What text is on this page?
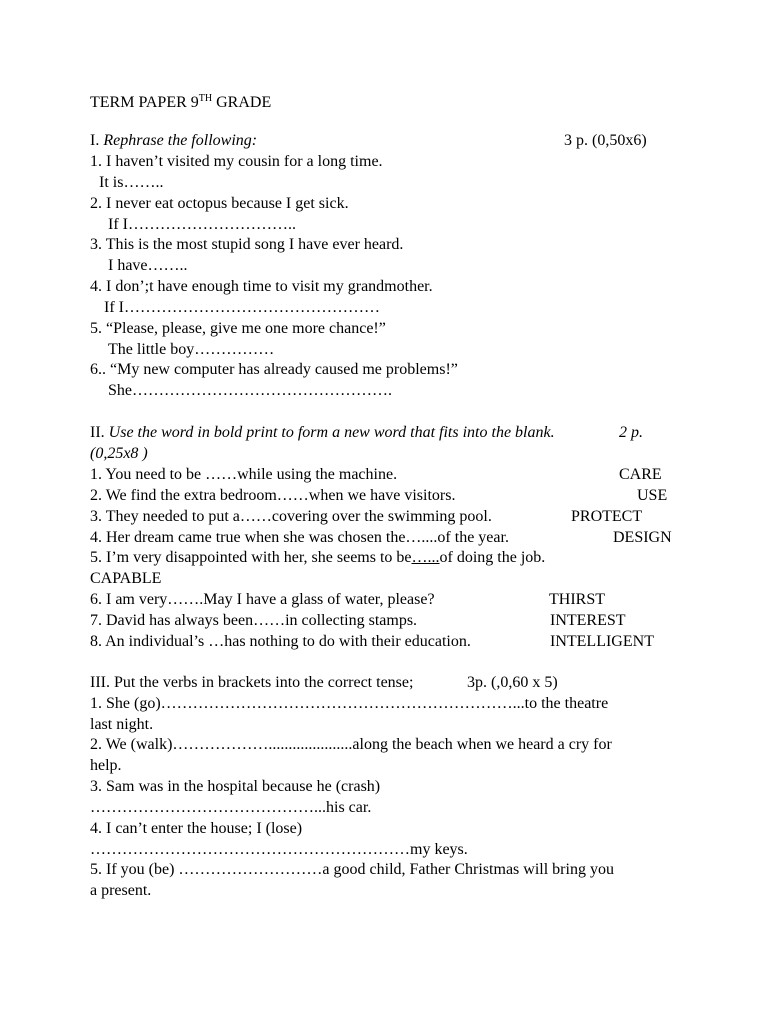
TERM PAPER 9TH GRADE
I. Rephrase the following:	3 p. (0,50x6)
1. I haven’t visited my cousin for a long time.
It is……..
2. I never eat octopus because I get sick.
If I…………………………..
3. This is the most stupid song I have ever heard.
I have……..
4. I don’;t have enough time to visit my grandmother.
If I…………………………………………
5. “Please, please, give me one more chance!”
The little boy……………
6.. “My new computer has already caused me problems!”
She………………………………………….
II. Use the word in bold print to form a new word that fits into the blank.	2 p.
(0,25x8 )
1. You need to be ……while using the machine.	CARE
2. We find the extra bedroom……when we have visitors.	USE
3. They needed to put a……covering over the swimming pool.	PROTECT
4. Her dream came true when she was chosen the…....of the year.	DESIGN
5. I’m very disappointed with her, she seems to be…...of doing the job.
CAPABLE
6. I am very…….May I have a glass of water, please?	THIRST
7. David has always been……in collecting stamps.	INTEREST
8. An individual’s …has nothing to do with their education.	INTELLIGENT
III. Put the verbs in brackets into the correct tense;	3p. (,0,60 x 5)
1. She (go)…………………………………………………………...to the theatre
last night.
2. We (walk)……………….....................along the beach when we heard a cry for
help.
3. Sam was in the hospital because he (crash)
……………………………………...his car.
4. I can’t enter the house; I (lose)
……………………………………………………my keys.
5. If you (be) ………………………a good child, Father Christmas will bring you
a present.
